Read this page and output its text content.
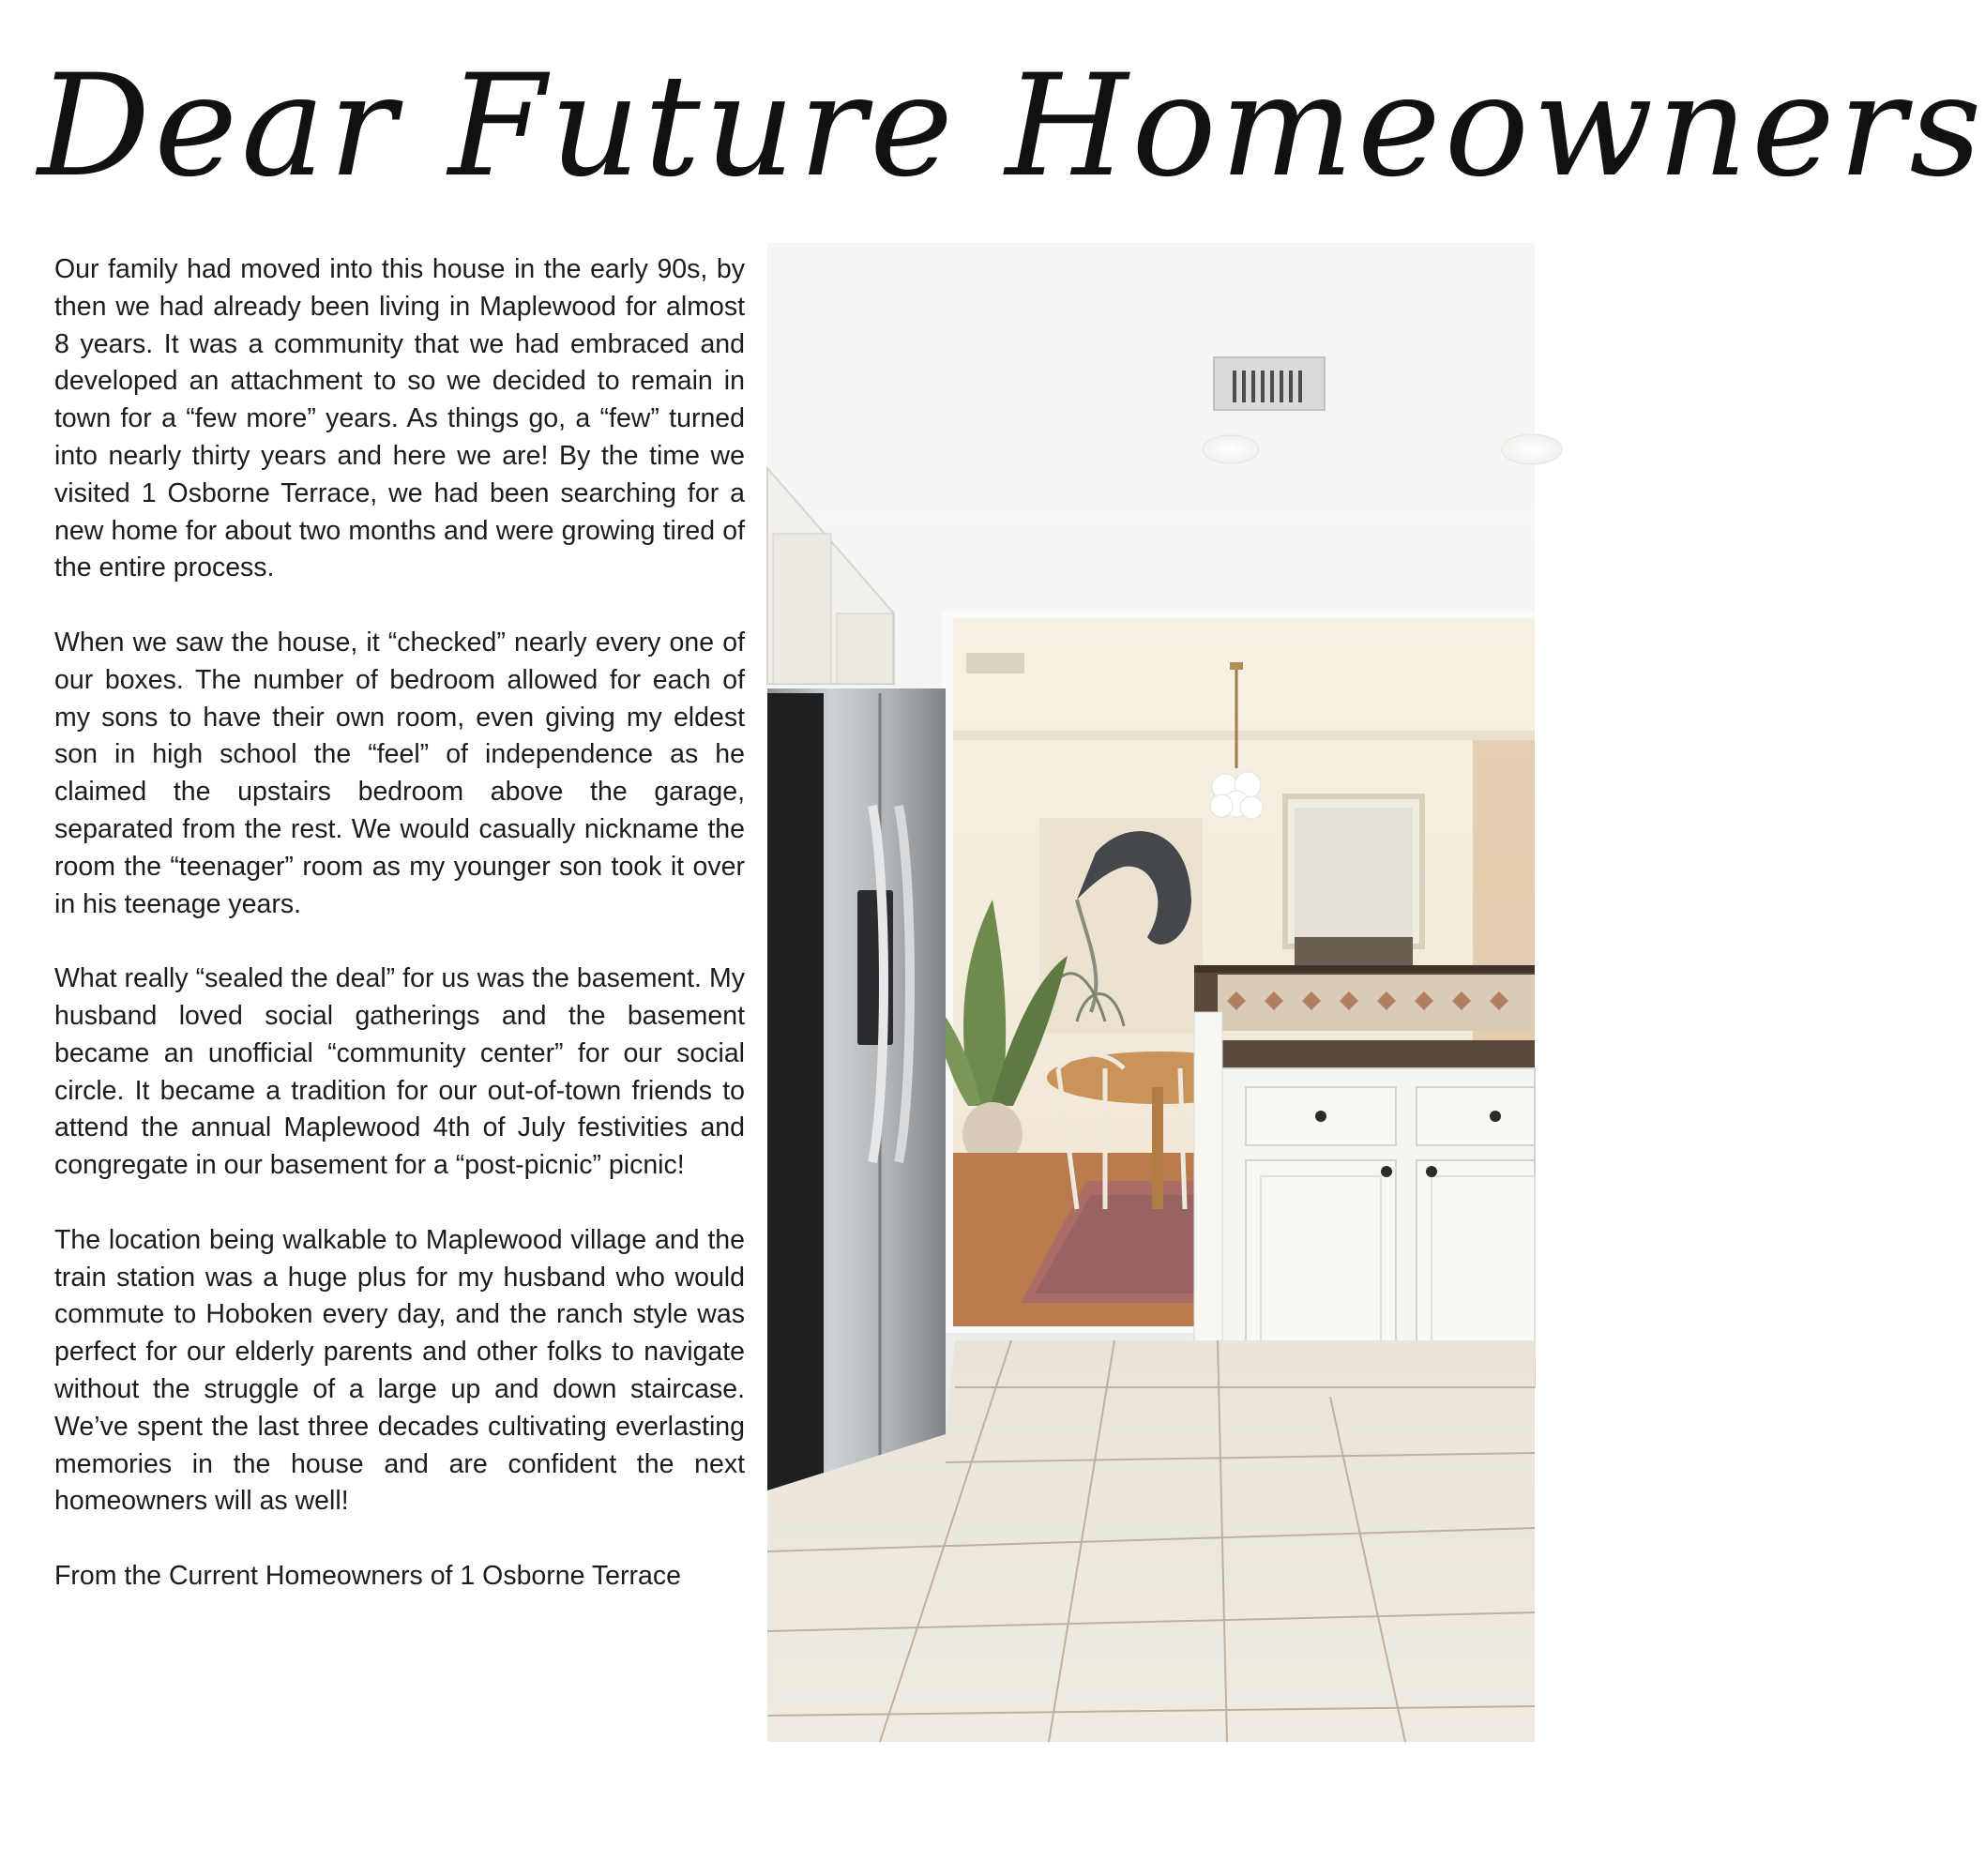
Dear Future Homeowners

Our family had moved into this house in the early 90s, by then we had already been living in Maplewood for almost 8 years. It was a community that we had embraced and developed an attachment to so we decided to remain in town for a “few more” years. As things go, a “few” turned into nearly thirty years and here we are! By the time we visited 1 Osborne Terrace, we had been searching for a new home for about two months and were growing tired of the entire process.

When we saw the house, it “checked” nearly every one of our boxes. The number of bedroom allowed for each of my sons to have their own room, even giving my eldest son in high school the “feel” of independence as he claimed the upstairs bedroom above the garage, separated from the rest. We would casually nickname the room the “teenager” room as my younger son took it over in his teenage years.

What really “sealed the deal” for us was the basement. My husband loved social gatherings and the basement became an unofficial “community center” for our social circle. It became a tradition for our out-of-town friends to attend the annual Maplewood 4th of July festivities and congregate in our basement for a “post-picnic” picnic!

The location being walkable to Maplewood village and the train station was a huge plus for my husband who would commute to Hoboken every day, and the ranch style was perfect for our elderly parents and other folks to navigate without the struggle of a large up and down staircase. We’ve spent the last three decades cultivating everlasting memories in the house and are confident the next homeowners will as well!

From the Current Homeowners of 1 Osborne Terrace
